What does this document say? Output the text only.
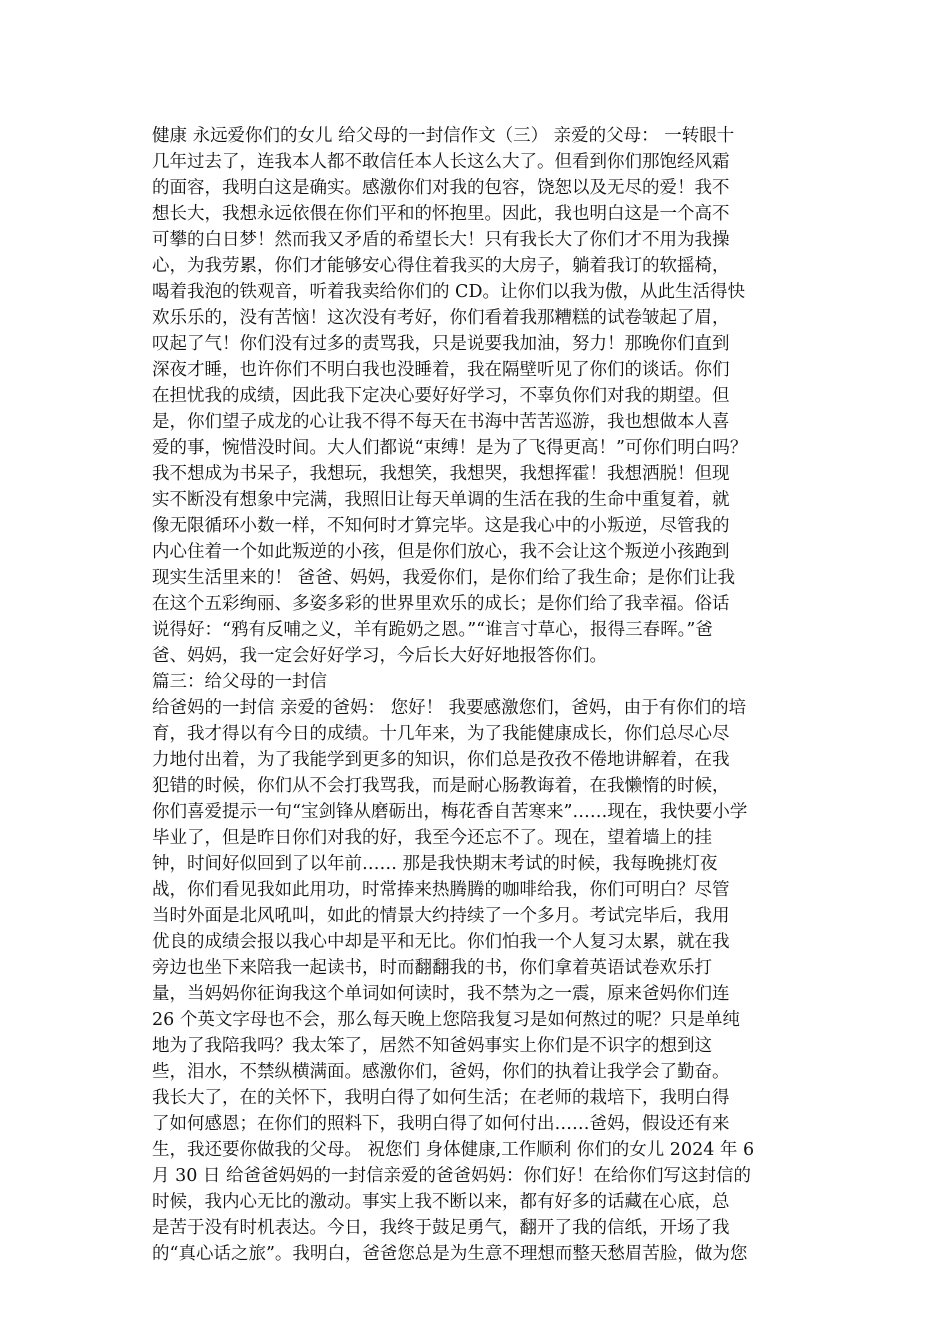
健康 永远爱你们的女儿 给父母的一封信作文（三） 亲爱的父母： 一转眼十
几年过去了，连我本人都不敢信任本人长这么大了。但看到你们那饱经风霜
的面容，我明白这是确实。感激你们对我的包容，饶恕以及无尽的爱！我不
想长大，我想永远依偎在你们平和的怀抱里。因此，我也明白这是一个高不
可攀的白日梦！然而我又矛盾的希望长大！只有我长大了你们才不用为我操
心，为我劳累，你们才能够安心得住着我买的大房子，躺着我订的软摇椅，
喝着我泡的铁观音，听着我卖给你们的 CD。让你们以我为傲，从此生活得快
欢乐乐的，没有苦恼！这次没有考好，你们看着我那糟糕的试卷皱起了眉，
叹起了气！你们没有过多的责骂我，只是说要我加油，努力！那晚你们直到
深夜才睡，也许你们不明白我也没睡着，我在隔壁听见了你们的谈话。你们
在担忧我的成绩，因此我下定决心要好好学习，不辜负你们对我的期望。但
是，你们望子成龙的心让我不得不每天在书海中苦苦巡游，我也想做本人喜
爱的事，惋惜没时间。大人们都说“束缚！是为了飞得更高！”可你们明白吗？
我不想成为书呆子，我想玩，我想笑，我想哭，我想挥霍！我想洒脱！但现
实不断没有想象中完满，我照旧让每天单调的生活在我的生命中重复着，就
像无限循环小数一样，不知何时才算完毕。这是我心中的小叛逆，尽管我的
内心住着一个如此叛逆的小孩，但是你们放心，我不会让这个叛逆小孩跑到
现实生活里来的！ 爸爸、妈妈，我爱你们，是你们给了我生命；是你们让我
在这个五彩绚丽、多姿多彩的世界里欢乐的成长；是你们给了我幸福。俗话
说得好：“鸦有反哺之义，羊有跪奶之恩。”“谁言寸草心，报得三春晖。”爸
爸、妈妈，我一定会好好学习，今后长大好好地报答你们。
篇三：给父母的一封信
给爸妈的一封信 亲爱的爸妈： 您好！ 我要感激您们，爸妈，由于有你们的培
育，我才得以有今日的成绩。十几年来，为了我能健康成长，你们总尽心尽
力地付出着，为了我能学到更多的知识，你们总是孜孜不倦地讲解着，在我
犯错的时候，你们从不会打我骂我，而是耐心肠教诲着，在我懒惰的时候，
你们喜爱提示一句“宝剑锋从磨砺出，梅花香自苦寒来”……现在，我快要小学
毕业了，但是昨日你们对我的好，我至今还忘不了。现在，望着墙上的挂
钟，时间好似回到了以年前…… 那是我快期末考试的时候，我每晚挑灯夜
战，你们看见我如此用功，时常捧来热腾腾的咖啡给我，你们可明白？尽管
当时外面是北风吼叫，如此的情景大约持续了一个多月。考试完毕后，我用
优良的成绩会报以我心中却是平和无比。你们怕我一个人复习太累，就在我
旁边也坐下来陪我一起读书，时而翻翻我的书，你们拿着英语试卷欢乐打
量，当妈妈你征询我这个单词如何读时，我不禁为之一震，原来爸妈你们连
26 个英文字母也不会，那么每天晚上您陪我复习是如何熬过的呢？只是单纯
地为了我陪我吗？我太笨了，居然不知爸妈事实上你们是不识字的想到这
些，泪水，不禁纵横满面。感激你们，爸妈，你们的执着让我学会了勤奋。
我长大了，在的关怀下，我明白得了如何生活；在老师的栽培下，我明白得
了如何感恩；在你们的照料下，我明白得了如何付出……爸妈，假设还有来
生，我还要你做我的父母。 祝您们 身体健康,工作顺利 你们的女儿 2024 年 6
月 30 日 给爸爸妈妈的一封信亲爱的爸爸妈妈：你们好！在给你们写这封信的
时候，我内心无比的激动。事实上我不断以来，都有好多的话藏在心底，总
是苦于没有时机表达。今日，我终于鼓足勇气，翻开了我的信纸，开场了我
的“真心话之旅”。我明白，爸爸您总是为生意不理想而整天愁眉苦脸，做为您
